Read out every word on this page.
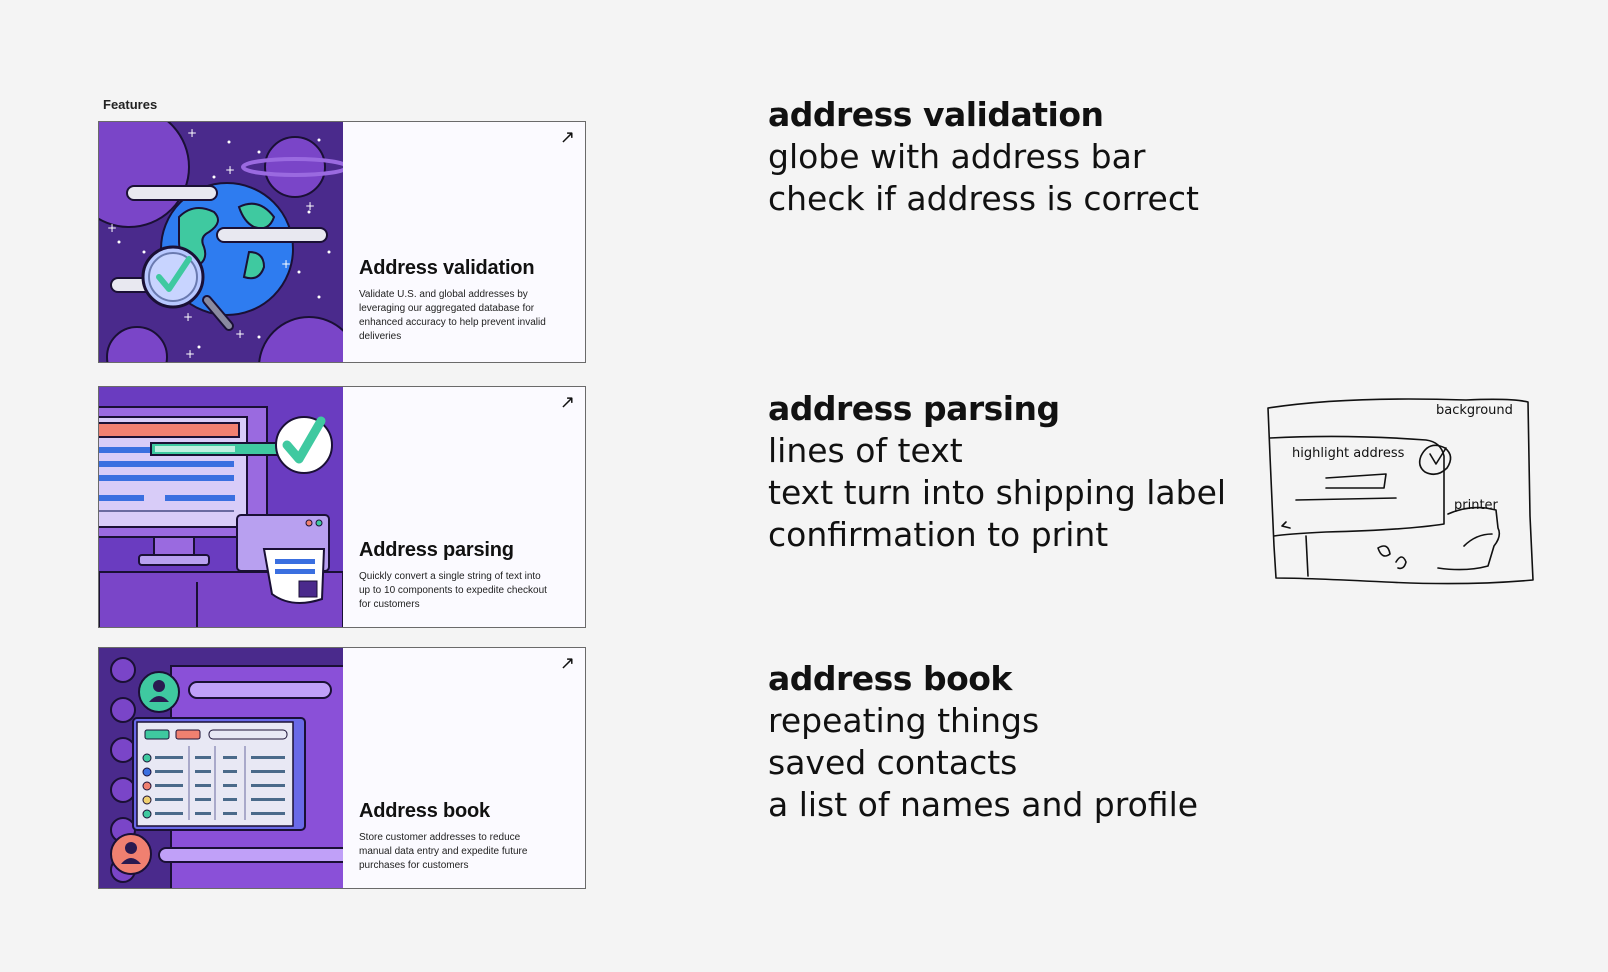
Features
+
+
+
+
+
+
+
+
↗
Address validation
Validate U.S. and global addresses by leveraging our aggregated database for enhanced accuracy to help prevent invalid deliveries
↗
Address parsing
Quickly convert a single string of text into up to 10 components to expedite checkout for customers
↗
Address book
Store customer addresses to reduce manual data entry and expedite future purchases for customers
address validation
globe with address bar
check if address is correct
address parsing
lines of text
text turn into shipping label
confirmation to print
address book
repeating things
saved contacts
a list of names and profile
background
highlight address
printer
